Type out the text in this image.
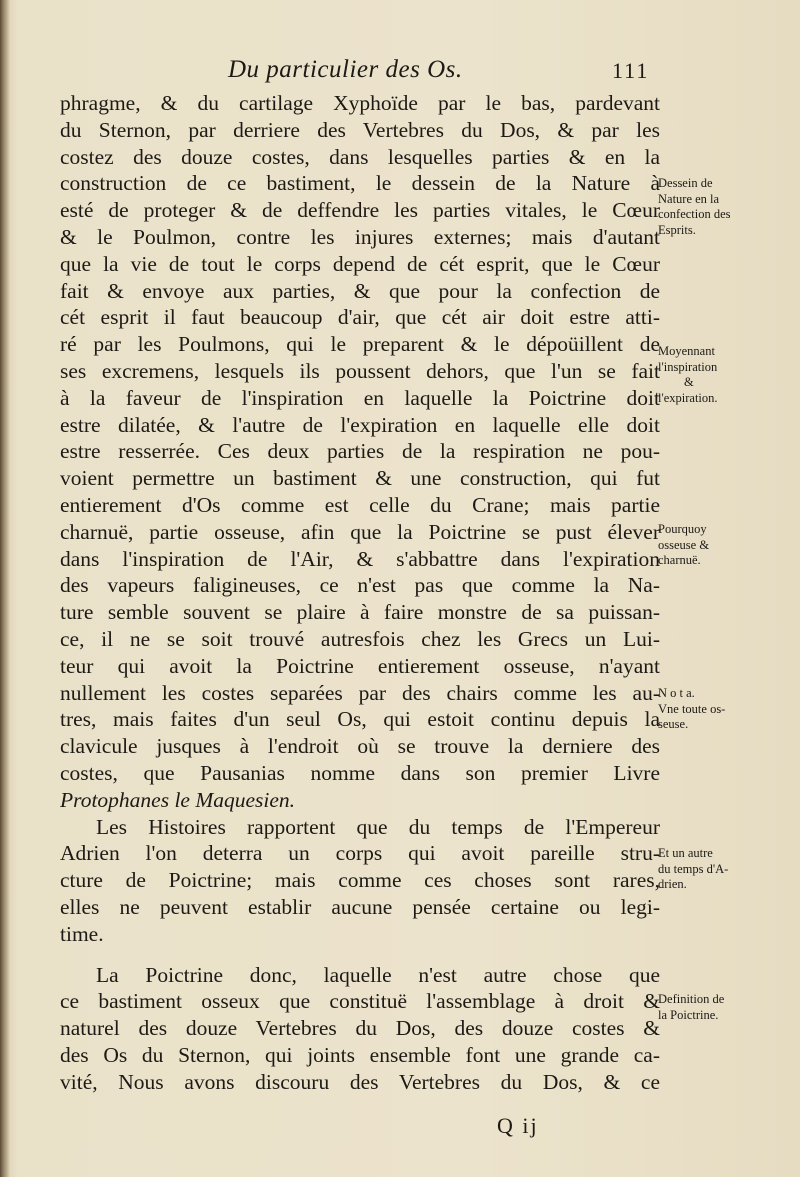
Du particulier des Os.	111
phragme, & du cartilage Xyphoïde par le bas, pardevant
du Sternon, par derriere des Vertebres du Dos, & par les
costez des douze costes, dans lesquelles parties & en la
construction de ce bastiment, le dessein de la Nature à
esté de proteger & de deffendre les parties vitales, le Cœur
& le Poulmon, contre les injures externes; mais d'autant
que la vie de tout le corps depend de cét esprit, que le Cœur
fait & envoye aux parties, & que pour la confection de
cét esprit il faut beaucoup d'air, que cét air doit estre atti-
ré par les Poulmons, qui le preparent & le dépoüillent de
ses excremens, lesquels ils poussent dehors, que l'un se fait
à la faveur de l'inspiration en laquelle la Poictrine doit
estre dilatée, & l'autre de l'expiration en laquelle elle doit
estre resserrée. Ces deux parties de la respiration ne pou-
voient permettre un bastiment & une construction, qui fut
entierement d'Os comme est celle du Crane; mais partie
charnuë, partie osseuse, afin que la Poictrine se pust élever
dans l'inspiration de l'Air, & s'abbattre dans l'expiration
des vapeurs faligineuses, ce n'est pas que comme la Na-
ture semble souvent se plaire à faire monstre de sa puissan-
ce, il ne se soit trouvé autresfois chez les Grecs un Lui-
teur qui avoit la Poictrine entierement osseuse, n'ayant
nullement les costes separées par des chairs comme les au-
tres, mais faites d'un seul Os, qui estoit continu depuis la
clavicule jusques à l'endroit où se trouve la derniere des
costes, que Pausanias nomme dans son premier Livre
Protophanes le Maquesien.
Les Histoires rapportent que du temps de l'Empereur
Adrien l'on deterra un corps qui avoit pareille stru-
cture de Poictrine; mais comme ces choses sont rares,
elles ne peuvent establir aucune pensée certaine ou legi-
time.
La Poictrine donc, laquelle n'est autre chose que
ce bastiment osseux que constituë l'assemblage à droit &
naturel des douze Vertebres du Dos, des douze costes &
des Os du Sternon, qui joints ensemble font une grande ca-
vité, Nous avons discouru des Vertebres du Dos, & ce
Dessein de
Nature en la
confection des
Esprits.
Moyennant
l'inspiration
&
l'expiration.
Pourquoy
osseuse &
charnuë.
N o t a.
Vne toute os-
seuse.
Et un autre
du temps d'A-
drien.
Definition de
la Poictrine.
Q ij
